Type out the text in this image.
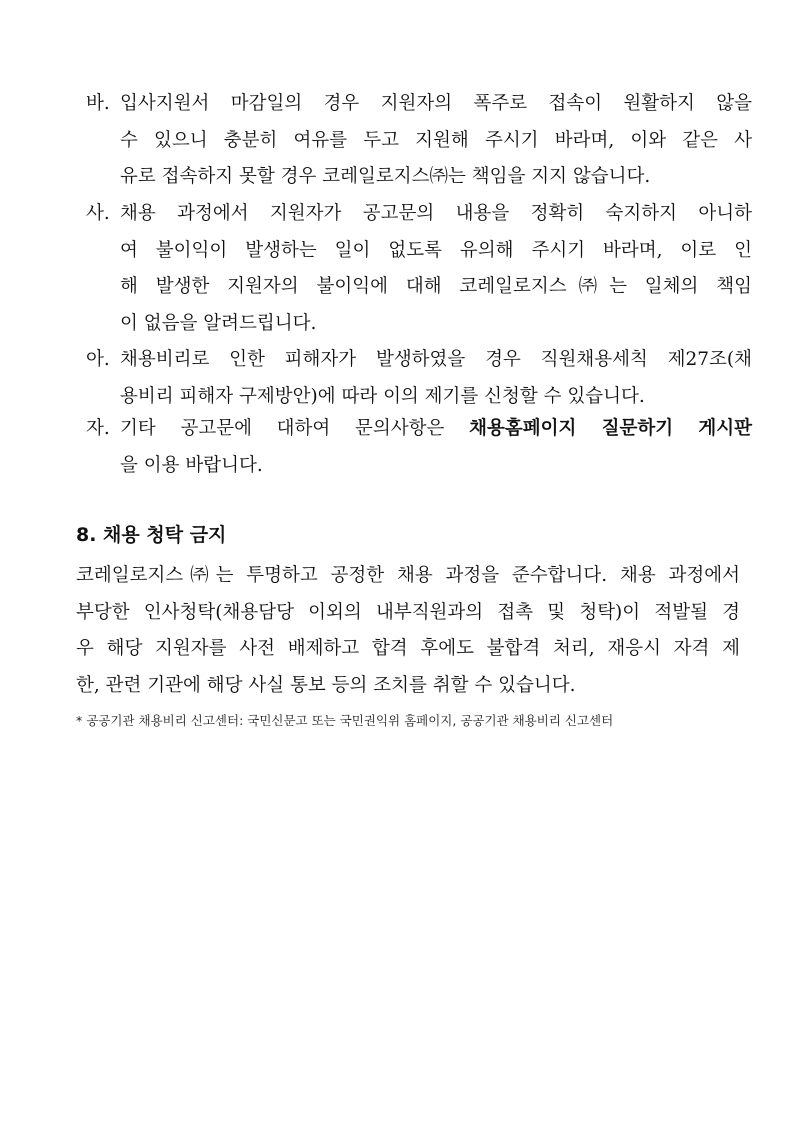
바. 입사지원서 마감일의 경우 지원자의 폭주로 접속이 원활하지 않을
수 있으니 충분히 여유를 두고 지원해 주시기 바라며, 이와 같은 사
유로 접속하지 못할 경우 코레일로지스㈜는 책임을 지지 않습니다.
사. 채용 과정에서 지원자가 공고문의 내용을 정확히 숙지하지 아니하
여 불이익이 발생하는 일이 없도록 유의해 주시기 바라며, 이로 인
해 발생한 지원자의 불이익에 대해 코레일로지스㈜는 일체의 책임
이 없음을 알려드립니다.
아. 채용비리로 인한 피해자가 발생하였을 경우 직원채용세칙 제27조(채
용비리 피해자 구제방안)에 따라 이의 제기를 신청할 수 있습니다.
자. 기타 공고문에 대하여 문의사항은 채용홈페이지 질문하기 게시판
을 이용 바랍니다.
8. 채용 청탁 금지
코레일로지스㈜는 투명하고 공정한 채용 과정을 준수합니다. 채용 과정에서
부당한 인사청탁(채용담당 이외의 내부직원과의 접촉 및 청탁)이 적발될 경
우 해당 지원자를 사전 배제하고 합격 후에도 불합격 처리, 재응시 자격 제
한, 관련 기관에 해당 사실 통보 등의 조치를 취할 수 있습니다.
* 공공기관 채용비리 신고센터: 국민신문고 또는 국민권익위 홈페이지, 공공기관 채용비리 신고센터
